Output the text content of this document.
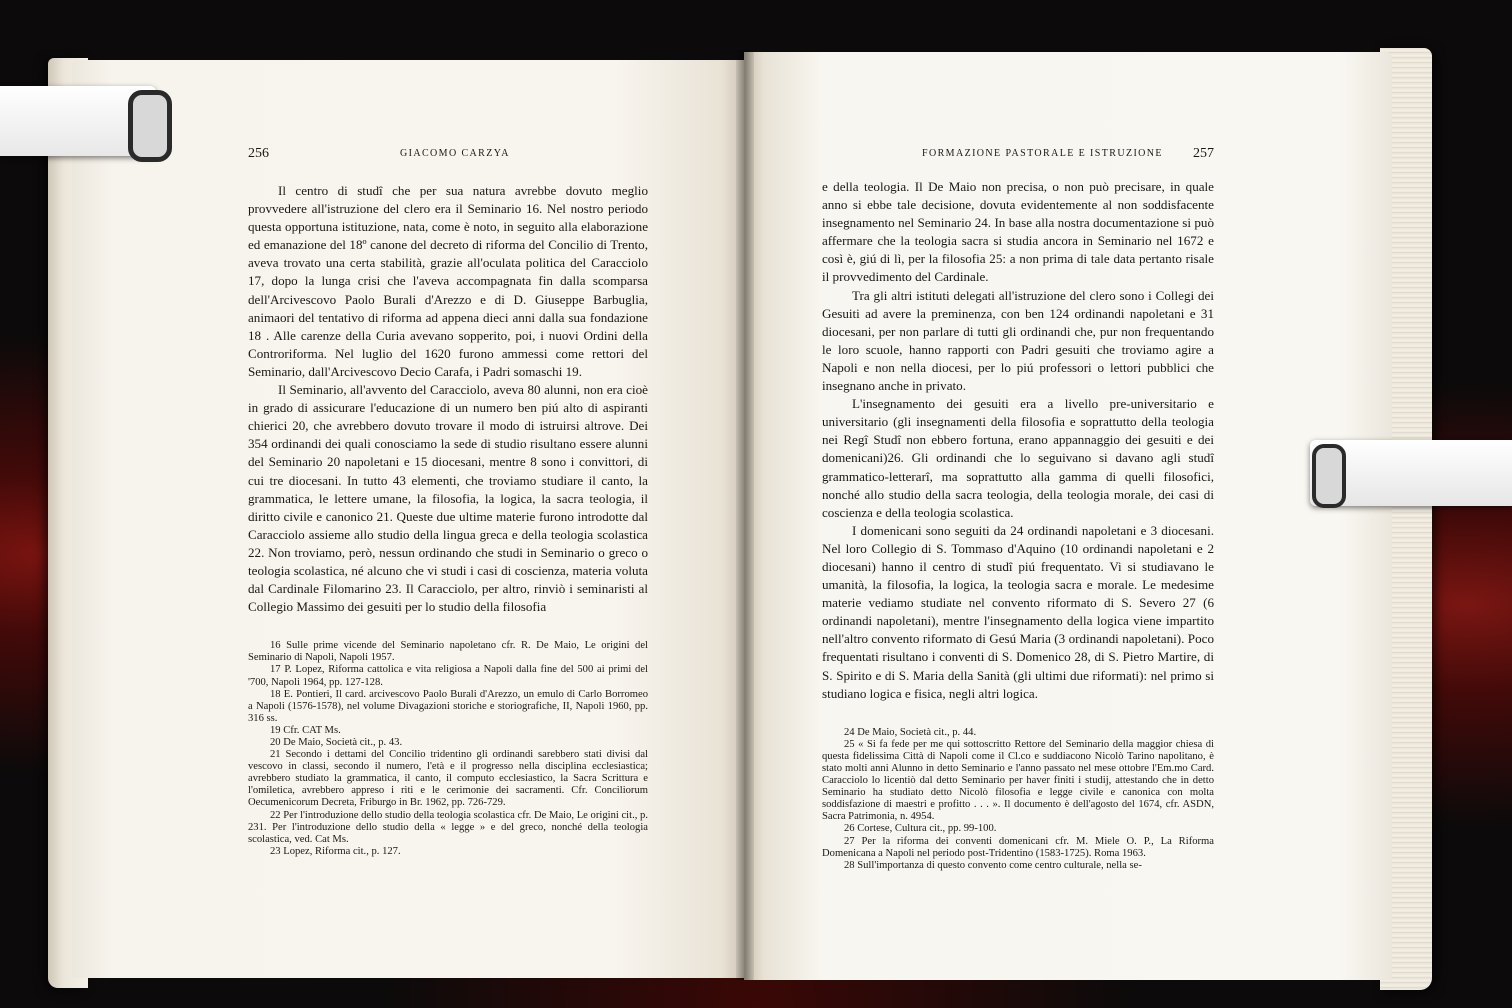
256	GIACOMO CARZYA

Il centro di studî che per sua natura avrebbe dovuto meglio provvedere all'istruzione del clero era il Seminario 16. Nel nostro periodo questa opportuna istituzione, nata, come è noto, in seguito alla elaborazione ed emanazione del 18º canone del decreto di riforma del Concilio di Trento, aveva trovato una certa stabilità, grazie all'oculata politica del Caracciolo 17, dopo la lunga crisi che l'aveva accompagnata fin dalla scomparsa dell'Arcivescovo Paolo Burali d'Arezzo e di D. Giuseppe Barbuglia, animaori del tentativo di riforma ad appena dieci anni dalla sua fondazione 18 . Alle carenze della Curia avevano sopperito, poi, i nuovi Ordini della Controriforma. Nel luglio del 1620 furono ammessi come rettori del Seminario, dall'Arcivescovo Decio Carafa, i Padri somaschi 19.

Il Seminario, all'avvento del Caracciolo, aveva 80 alunni, non era cioè in grado di assicurare l'educazione di un numero ben piú alto di aspiranti chierici 20, che avrebbero dovuto trovare il modo di istruirsi altrove. Dei 354 ordinandi dei quali conosciamo la sede di studio risultano essere alunni del Seminario 20 napoletani e 15 diocesani, mentre 8 sono i convittori, di cui tre diocesani. In tutto 43 elementi, che troviamo studiare il canto, la grammatica, le lettere umane, la filosofia, la logica, la sacra teologia, il diritto civile e canonico 21. Queste due ultime materie furono introdotte dal Caracciolo assieme allo studio della lingua greca e della teologia scolastica 22. Non troviamo, però, nessun ordinando che studi in Seminario o greco o teologia scolastica, né alcuno che vi studi i casi di coscienza, materia voluta dal Cardinale Filomarino 23. Il Caracciolo, per altro, rinviò i seminaristi al Collegio Massimo dei gesuiti per lo studio della filosofia

16 Sulle prime vicende del Seminario napoletano cfr. R. De Maio, Le origini del Seminario di Napoli, Napoli 1957.

17 P. Lopez, Riforma cattolica e vita religiosa a Napoli dalla fine del 500 ai primi del '700, Napoli 1964, pp. 127-128.

18 E. Pontieri, Il card. arcivescovo Paolo Burali d'Arezzo, un emulo di Carlo Borromeo a Napoli (1576-1578), nel volume Divagazioni storiche e storiografiche, II, Napoli 1960, pp. 316 ss.

19 Cfr. CAT Ms.

20 De Maio, Società cit., p. 43.

21 Secondo i dettami del Concilio tridentino gli ordinandi sarebbero stati divisi dal vescovo in classi, secondo il numero, l'età e il progresso nella disciplina ecclesiastica; avrebbero studiato la grammatica, il canto, il computo ecclesiastico, la Sacra Scrittura e l'omiletica, avrebbero appreso i riti e le cerimonie dei sacramenti. Cfr. Conciliorum Oecumenicorum Decreta, Friburgo in Br. 1962, pp. 726-729.

22 Per l'introduzione dello studio della teologia scolastica cfr. De Maio, Le origini cit., p. 231. Per l'introduzione dello studio della « legge » e del greco, nonché della teologia scolastica, ved. Cat Ms.

23 Lopez, Riforma cit., p. 127.

FORMAZIONE PASTORALE E ISTRUZIONE 257

e della teologia. Il De Maio non precisa, o non può precisare, in quale anno si ebbe tale decisione, dovuta evidentemente al non soddisfacente insegnamento nel Seminario 24. In base alla nostra documentazione si può affermare che la teologia sacra si studia ancora in Seminario nel 1672 e così è, giú di lì, per la filosofia 25: a non prima di tale data pertanto risale il provvedimento del Cardinale.

Tra gli altri istituti delegati all'istruzione del clero sono i Collegi dei Gesuiti ad avere la preminenza, con ben 124 ordinandi napoletani e 31 diocesani, per non parlare di tutti gli ordinandi che, pur non frequentando le loro scuole, hanno rapporti con Padri gesuiti che troviamo agire a Napoli e non nella diocesi, per lo piú professori o lettori pubblici che insegnano anche in privato.

L'insegnamento dei gesuiti era a livello pre-universitario e universitario (gli insegnamenti della filosofia e soprattutto della teologia nei Regî Studî non ebbero fortuna, erano appannaggio dei gesuiti e dei domenicani)26. Gli ordinandi che lo seguivano si davano agli studî grammatico-letterarî, ma soprattutto alla gamma di quelli filosofici, nonché allo studio della sacra teologia, della teologia morale, dei casi di coscienza e della teologia scolastica.

I domenicani sono seguiti da 24 ordinandi napoletani e 3 diocesani. Nel loro Collegio di S. Tommaso d'Aquino (10 ordinandi napoletani e 2 diocesani) hanno il centro di studî piú frequentato. Vi si studiavano le umanità, la filosofia, la logica, la teologia sacra e morale. Le medesime materie vediamo studiate nel convento riformato di S. Severo 27 (6 ordinandi napoletani), mentre l'insegnamento della logica viene impartito nell'altro convento riformato di Gesú Maria (3 ordinandi napoletani). Poco frequentati risultano i conventi di S. Domenico 28, di S. Pietro Martire, di S. Spirito e di S. Maria della Sanità (gli ultimi due riformati): nel primo si studiano logica e fisica, negli altri logica.

24 De Maio, Società cit., p. 44.

25 « Si fa fede per me qui sottoscritto Rettore del Seminario della maggior chiesa di questa fidelissima Città di Napoli come il Cl.co e suddiacono Nicolò Tarino napolitano, è stato molti anni Alunno in detto Seminario e l'anno passato nel mese ottobre l'Em.mo Card. Caracciolo lo licentiò dal detto Seminario per haver finiti i studij, attestando che in detto Seminario ha studiato detto Nicolò filosofia e legge civile e canonica con molta soddisfazione di maestri e profitto . . . ». Il documento è dell'agosto del 1674, cfr. ASDN, Sacra Patrimonia, n. 4954.

26 Cortese, Cultura cit., pp. 99-100.

27 Per la riforma dei conventi domenicani cfr. M. Miele O. P., La Riforma Domenicana a Napoli nel periodo post-Tridentino (1583-1725). Roma 1963.

28 Sull'importanza di questo convento come centro culturale, nella se-
